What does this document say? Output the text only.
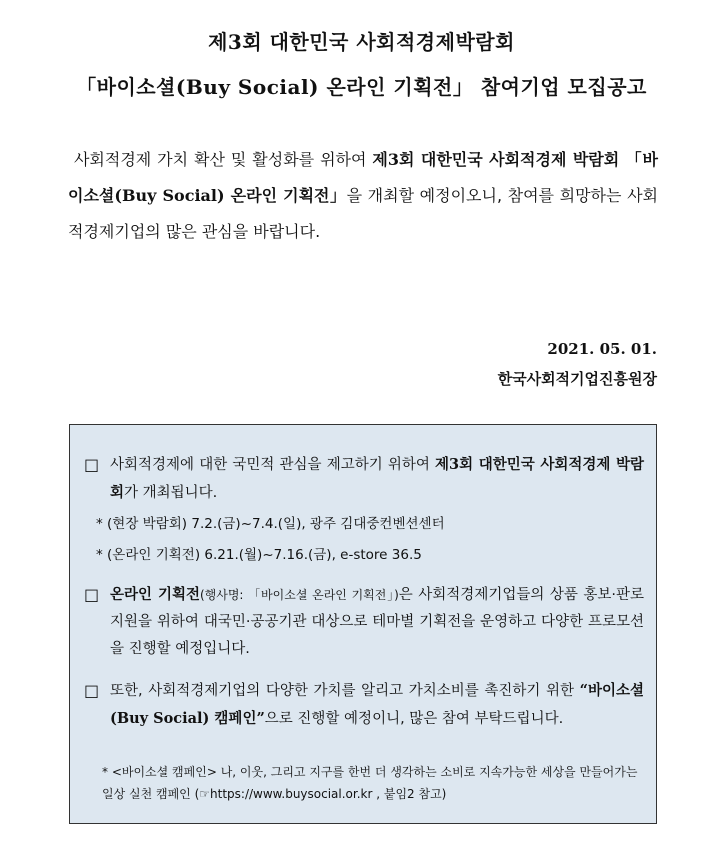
제3회 대한민국 사회적경제박람회
「바이소셜(Buy Social) 온라인 기획전」 참여기업 모집공고
사회적경제 가치 확산 및 활성화를 위하여 제3회 대한민국 사회적경제 박람회 「바이소셜(Buy Social) 온라인 기획전」을 개최할 예정이오니, 참여를 희망하는 사회적경제기업의 많은 관심을 바랍니다.
2021. 05. 01.
한국사회적기업진흥원장
□ 사회적경제에 대한 국민적 관심을 제고하기 위하여 제3회 대한민국 사회적경제 박람회가 개최됩니다.
* (현장 박람회) 7.2.(금)~7.4.(일), 광주 김대중컨벤션센터
* (온라인 기획전) 6.21.(월)~7.16.(금), e-store 36.5
□ 온라인 기획전(행사명: 「바이소셜 온라인 기획전」)은 사회적경제기업들의 상품 홍보·판로지원을 위하여 대국민·공공기관 대상으로 테마별 기획전을 운영하고 다양한 프로모션을 진행할 예정입니다.
□ 또한, 사회적경제기업의 다양한 가치를 알리고 가치소비를 촉진하기 위한 “바이소셜(Buy Social) 캠페인”으로 진행할 예정이니, 많은 참여 부탁드립니다.
* <바이소셜 캠페인> 나, 이웃, 그리고 지구를 한번 더 생각하는 소비로 지속가능한 세상을 만들어가는 일상 실천 캠페인 (☞https://www.buysocial.or.kr , 붙임2 참고)
